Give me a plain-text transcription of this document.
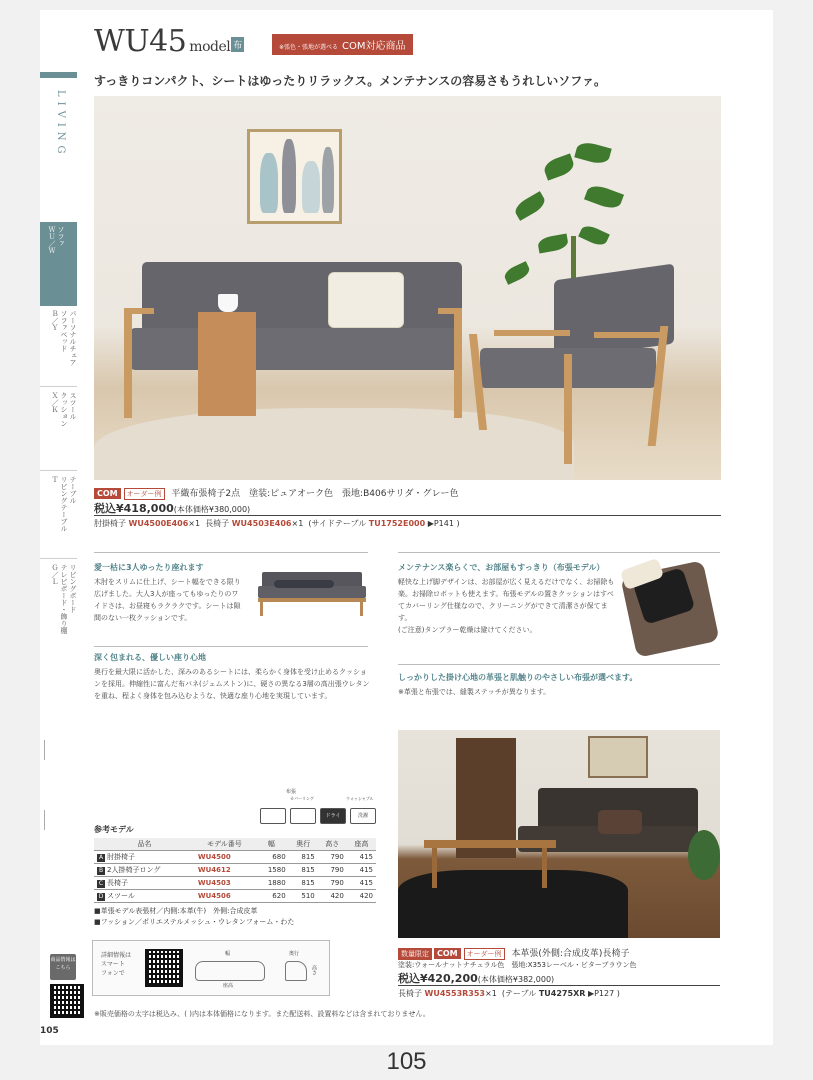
WU45 model 布	※張色・張地が選べる COM対応商品
すっきりコンパクト、シートはゆったりリラックス。メンテナンスの容易さもうれしいソファ。
LIVING
ソファ
ＷＵ／Ｗ
パーソナルチェア
ソファベッド
Ｂ／Ｙ
スツール
クッション
Ｘ／Ｋ
テーブル
リビングテーブル
Ｔ
リビングボード
テレビボード・飾り棚
Ｇ／Ｌ
COM オーダー例 平織布張椅子2点　塗装:ピュアオーク色　張地:B406サリダ・グレー色
税込¥418,000(本体価格¥380,000)
肘掛椅子 WU4500E406×1 長椅子 WU4503E406×1 (サイドテーブル TU1752E000 ▶P141 )
愛一枯に3人ゆったり座れます
木肘をスリムに仕上げ、シート幅をできる限り広げました。大人3人が座ってもゆったりのワイドさは、お昼寝もラクラクです。シートは隙間のない一枚クッションです。
メンテナンス楽らくで、お部屋もすっきり（布張モデル）
軽快な上げ脚デザインは、お部屋が広く見えるだけでなく、お掃除も楽。お掃除ロボットも使えます。布張モデルの置きクッションはすべてカバーリング仕様なので、クリーニングができて清潔さが保てます。
(ご注意)タンブラー乾燥は避けてください。
深く包まれる、優しい座り心地
奥行を最大限に活かした、深みのあるシートには、柔らかく身体を受け止めるクッションを採用。伸縮性に富んだ布バネ(ジェムストン)に、硬さの異なる3層の高出張ウレタンを重ね、程よく身体を包み込むような、快適な座り心地を実現しています。
しっかりした掛け心地の革張と肌触りのやさしい布張が選べます。
※革張と布張では、縫製ステッチが異なります。
布張
カバーリング	ウォッシャブル
ドライ	洗濯
参考モデル
品名	モデル番号	幅	奥行	高さ	座高
A 肘掛椅子	WU4500	680	815	790	415
B 2人掛椅子ロング	WU4612	1580	815	790	415
C 長椅子	WU4503	1880	815	790	415
D スツール	WU4506	620	510	420	420
■革張モデル表張材／内側:本革(牛)　外側:合成皮革
■フッション／ポリエステルメッシュ・ウレタンフォーム・わた
商品情報はこちら
詳細情報は
スマート
フォンで
幅
座高
奥行
高さ
数量限定 COM オーダー例 本革張(外側:合成皮革)長椅子
塗装:ウォールナットナチュラル色　張地:X353レーベル・ビターブラウン色
税込¥420,200(本体価格¥382,000)
長椅子 WU4553R353×1 (テーブル TU4275XR ▶P127 )
※販売価格の太字は税込み、( )内は本体価格になります。また配送料、設置料などは含まれておりません。
105
105
